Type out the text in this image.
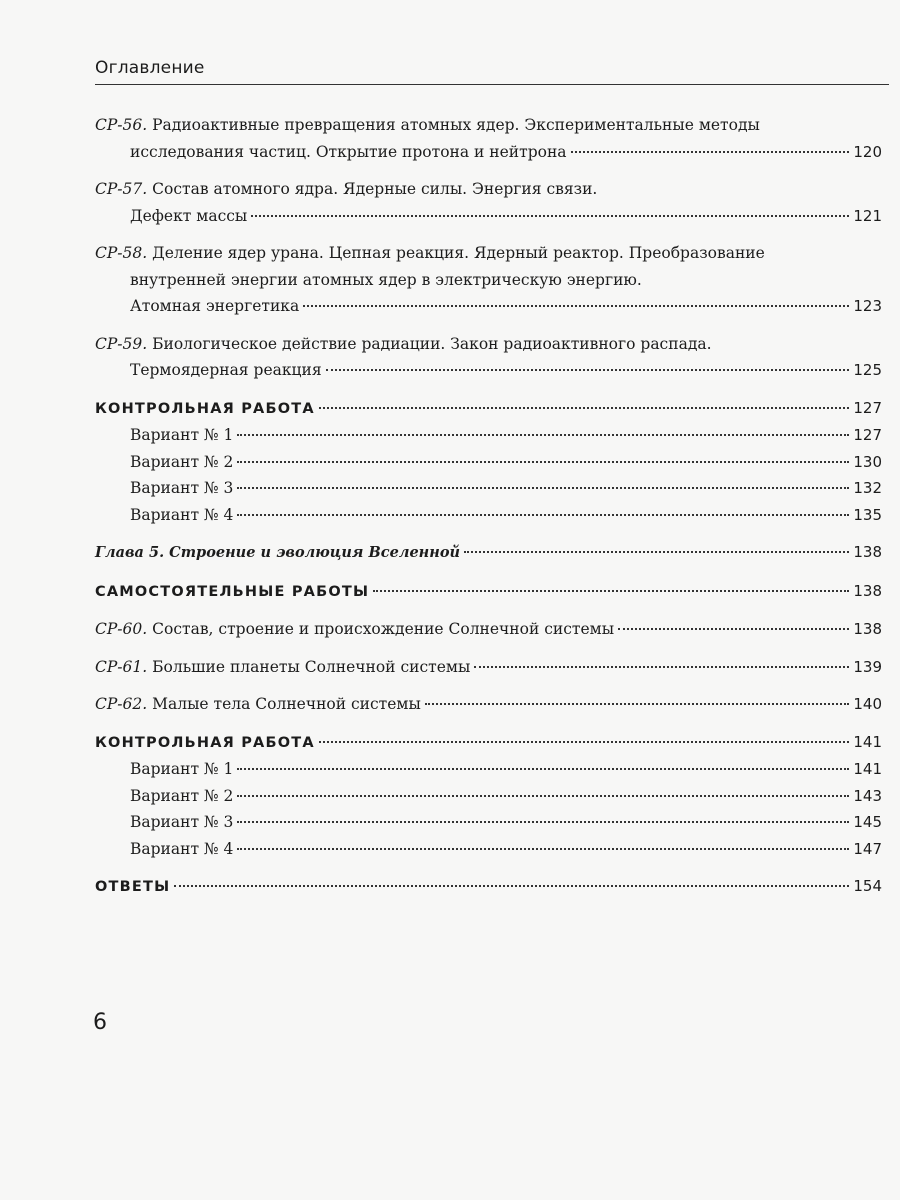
Оглавление
СР-56. Радиоактивные превращения атомных ядер. Экспериментальные методы
исследования частиц. Открытие протона и нейтрона	120
СР-57. Состав атомного ядра. Ядерные силы. Энергия связи.
Дефект массы	121
СР-58. Деление ядер урана. Цепная реакция. Ядерный реактор. Преобразование
внутренней энергии атомных ядер в электрическую энергию.
Атомная энергетика	123
СР-59. Биологическое действие радиации. Закон радиоактивного распада.
Термоядерная реакция	125
КОНТРОЛЬНАЯ РАБОТА	127
Вариант № 1	127
Вариант № 2	130
Вариант № 3	132
Вариант № 4	135
Глава 5. Строение и эволюция Вселенной	138
САМОСТОЯТЕЛЬНЫЕ РАБОТЫ	138
СР-60. Состав, строение и происхождение Солнечной системы	138
СР-61. Большие планеты Солнечной системы	139
СР-62. Малые тела Солнечной системы	140
КОНТРОЛЬНАЯ РАБОТА	141
Вариант № 1	141
Вариант № 2	143
Вариант № 3	145
Вариант № 4	147
ОТВЕТЫ	154
6
